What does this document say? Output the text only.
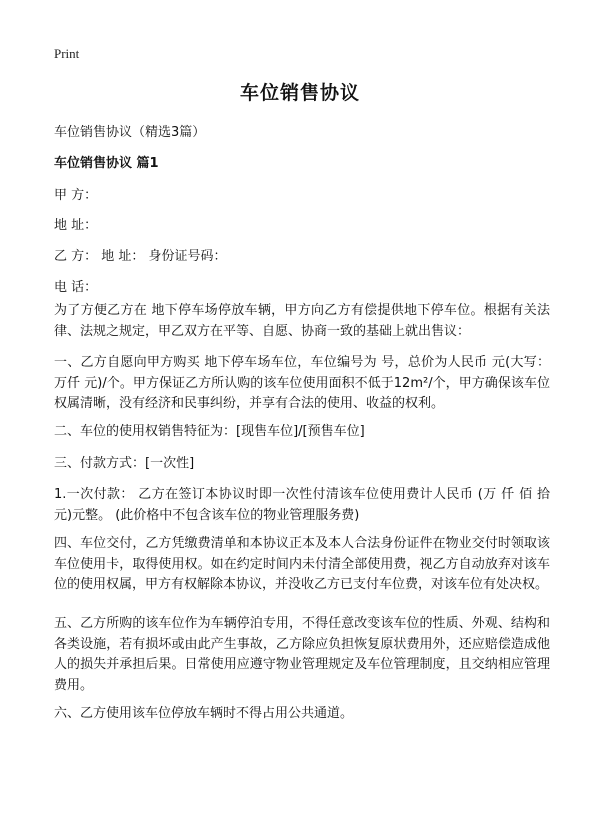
Print
车位销售协议
车位销售协议（精选3篇）
车位销售协议 篇1
甲 方：
地 址：
乙 方： 地 址： 身份证号码：
电 话：
为了方便乙方在 地下停车场停放车辆，甲方向乙方有偿提供地下停车位。根据有关法律、法规之规定，甲乙双方在平等、自愿、协商一致的基础上就出售议：
一、乙方自愿向甲方购买 地下停车场车位，车位编号为 号，总价为人民币 元(大写： 万仟 元)/个。甲方保证乙方所认购的该车位使用面积不低于12m²/个，甲方确保该车位权属清晰，没有经济和民事纠纷，并享有合法的使用、收益的权利。
二、车位的使用权销售特征为：[现售车位]/[预售车位]
三、付款方式：[一次性]
1.一次付款： 乙方在签订本协议时即一次性付清该车位使用费计人民币 (万 仟 佰 拾 元)元整。 (此价格中不包含该车位的物业管理服务费)
四、车位交付，乙方凭缴费清单和本协议正本及本人合法身份证件在物业交付时领取该车位使用卡，取得使用权。如在约定时间内未付清全部使用费，视乙方自动放弃对该车位的使用权属，甲方有权解除本协议，并没收乙方已支付车位费，对该车位有处决权。
五、乙方所购的该车位作为车辆停泊专用，不得任意改变该车位的性质、外观、结构和各类设施，若有损坏或由此产生事故，乙方除应负担恢复原状费用外，还应赔偿造成他人的损失并承担后果。日常使用应遵守物业管理规定及车位管理制度，且交纳相应管理费用。
六、乙方使用该车位停放车辆时不得占用公共通道。
